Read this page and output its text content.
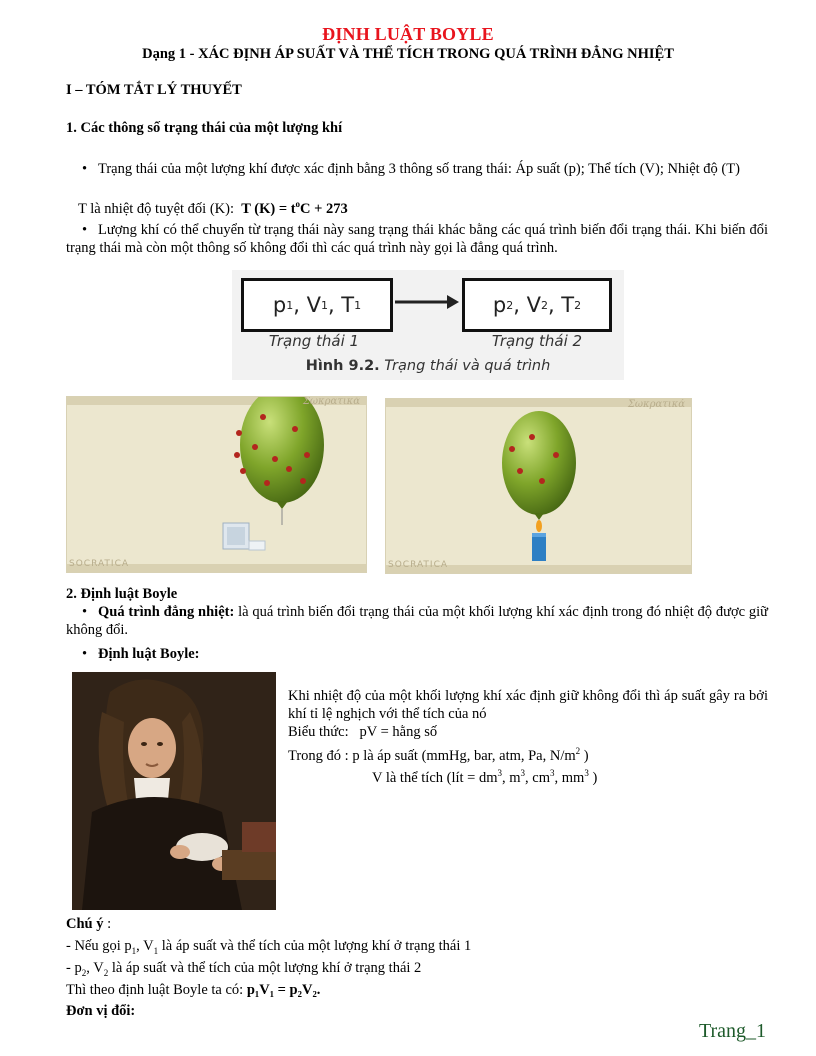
ĐỊNH LUẬT BOYLE
Dạng 1 - XÁC ĐỊNH ÁP SUẤT VÀ THỂ TÍCH TRONG QUÁ TRÌNH ĐẲNG NHIỆT
I – TÓM TẮT LÝ THUYẾT
1. Các thông số trạng thái của một lượng khí
• Trạng thái của một lượng khí được xác định bằng 3 thông số trang thái: Áp suất (p); Thể tích (V); Nhiệt độ (T)
T là nhiệt độ tuyệt đối (K): T $(K) = t^oC + 273$
• Lượng khí có thể chuyển từ trạng thái này sang trạng thái khác bằng các quá trình biến đổi trạng thái. Khi biến đổi trạng thái mà còn một thông số không đổi thì các quá trình này gọi là đẳng quá trình.
p 1 , V 1 , T 1	p 2 , V 2 , T 2
Trạng thái 1	Trạng thái 2
Hình 9.2. Trạng thái và quá trình
Σωκρατικά
SOCRATICA
Σωκρατικά
SOCRATICA
2. Định luật Boyle
• Quá trình đẳng nhiệt: là quá trình biến đổi trạng thái của một khối lượng khí xác định trong đó nhiệt độ được giữ không đổi.
• Định luật Boyle:
Khi nhiệt độ của một khối lượng khí xác định giữ không đổi thì áp suất gây ra bởi khí tỉ lệ nghịch với thể tích của nó
Biểu thức: pV = hằng số
Trong đó : p là áp suất (mmHg, bar, atm, Pa, $N/m^2$ )
V là thể tích (lít = $dm^3$, $m^3$, $cm^3$, $mm^3$ )
Chú ý :
- Nếu gọi $p_1$, $V_1$ là áp suất và thể tích của một lượng khí ở trạng thái 1
- $p_2$, $V_2$ là áp suất và thể tích của một lượng khí ở trạng thái 2
Thì theo định luật Boyle ta có: p₁V₁ = p₂V₂.
Đơn vị đổi:
Trang_1
